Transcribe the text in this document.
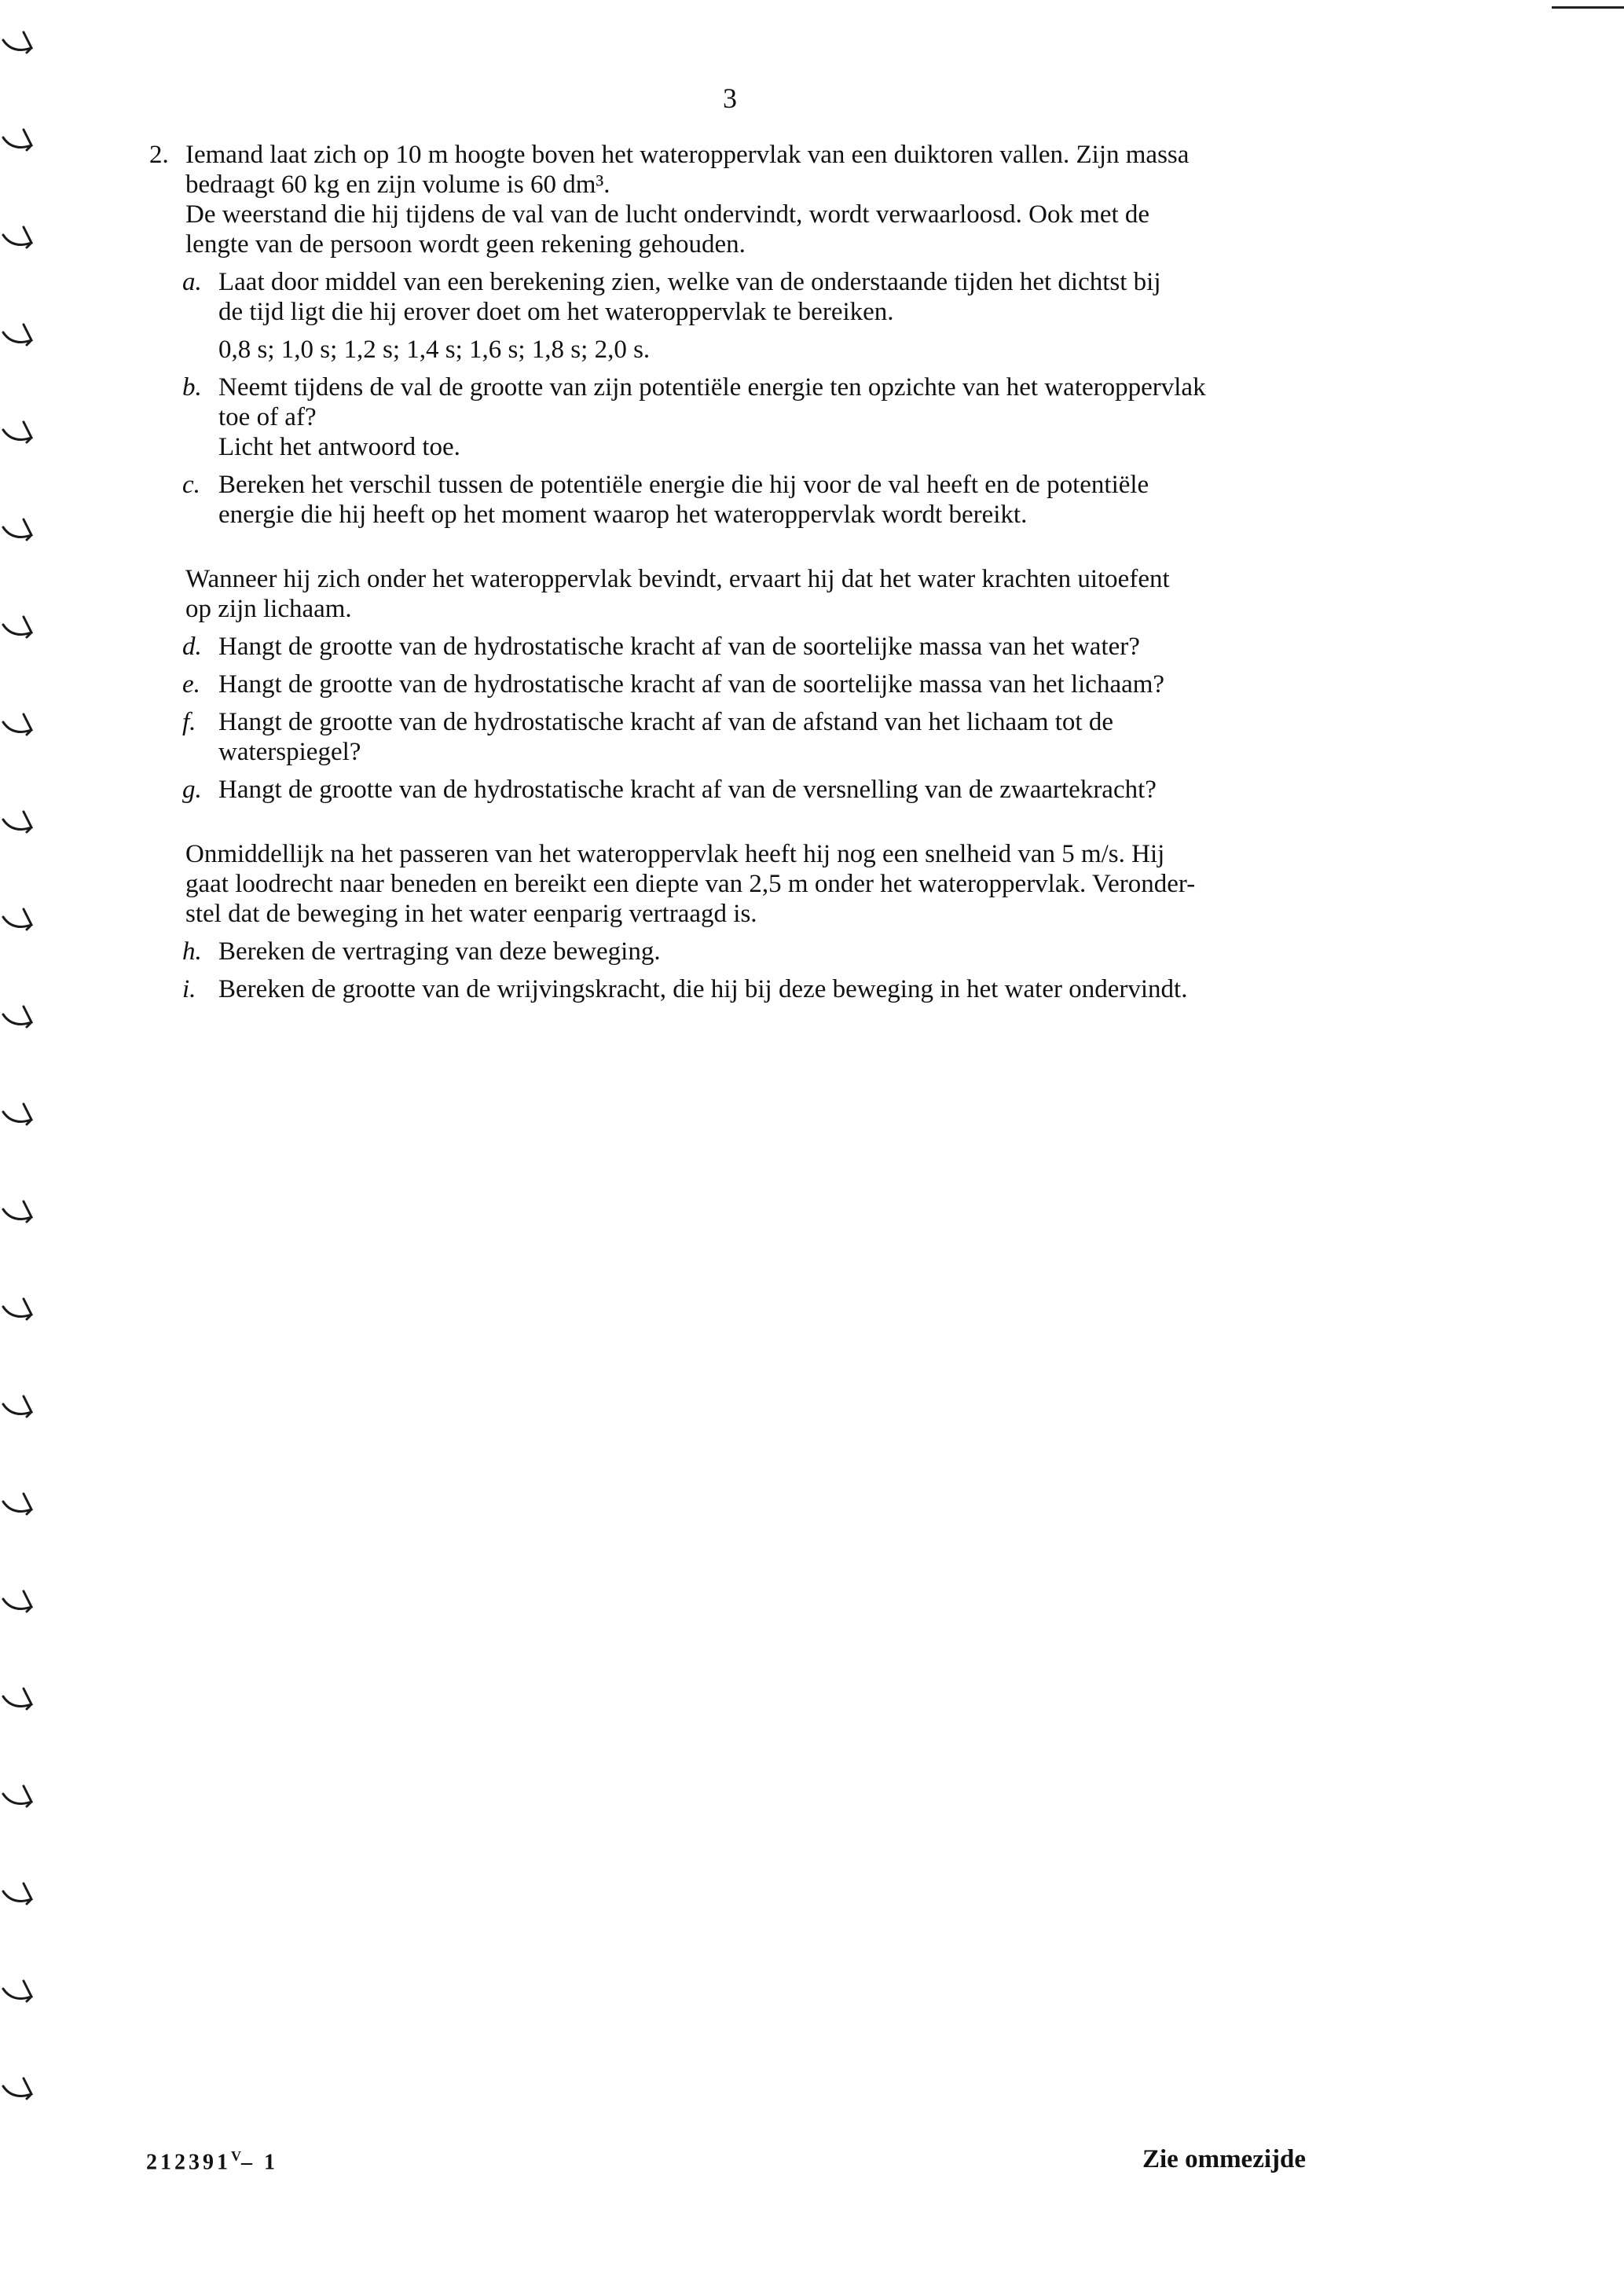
3
2. Iemand laat zich op 10 m hoogte boven het wateroppervlak van een duiktoren vallen. Zijn massa
bedraagt 60 kg en zijn volume is 60 dm³.
De weerstand die hij tijdens de val van de lucht ondervindt, wordt verwaarloosd. Ook met de
lengte van de persoon wordt geen rekening gehouden.
a. Laat door middel van een berekening zien, welke van de onderstaande tijden het dichtst bij
de tijd ligt die hij erover doet om het wateroppervlak te bereiken.
0,8 s; 1,0 s; 1,2 s; 1,4 s; 1,6 s; 1,8 s; 2,0 s.
b. Neemt tijdens de val de grootte van zijn potentiële energie ten opzichte van het wateroppervlak
toe of af?
Licht het antwoord toe.
c. Bereken het verschil tussen de potentiële energie die hij voor de val heeft en de potentiële
energie die hij heeft op het moment waarop het wateroppervlak wordt bereikt.
Wanneer hij zich onder het wateroppervlak bevindt, ervaart hij dat het water krachten uitoefent
op zijn lichaam.
d. Hangt de grootte van de hydrostatische kracht af van de soortelijke massa van het water?
e. Hangt de grootte van de hydrostatische kracht af van de soortelijke massa van het lichaam?
f. Hangt de grootte van de hydrostatische kracht af van de afstand van het lichaam tot de
waterspiegel?
g. Hangt de grootte van de hydrostatische kracht af van de versnelling van de zwaartekracht?
Onmiddellijk na het passeren van het wateroppervlak heeft hij nog een snelheid van 5 m/s. Hij
gaat loodrecht naar beneden en bereikt een diepte van 2,5 m onder het wateroppervlak. Veronder-
stel dat de beweging in het water eenparig vertraagd is.
h. Bereken de vertraging van deze beweging.
i. Bereken de grootte van de wrijvingskracht, die hij bij deze beweging in het water ondervindt.
$212391^V-$ 1	Zie ommezijde
